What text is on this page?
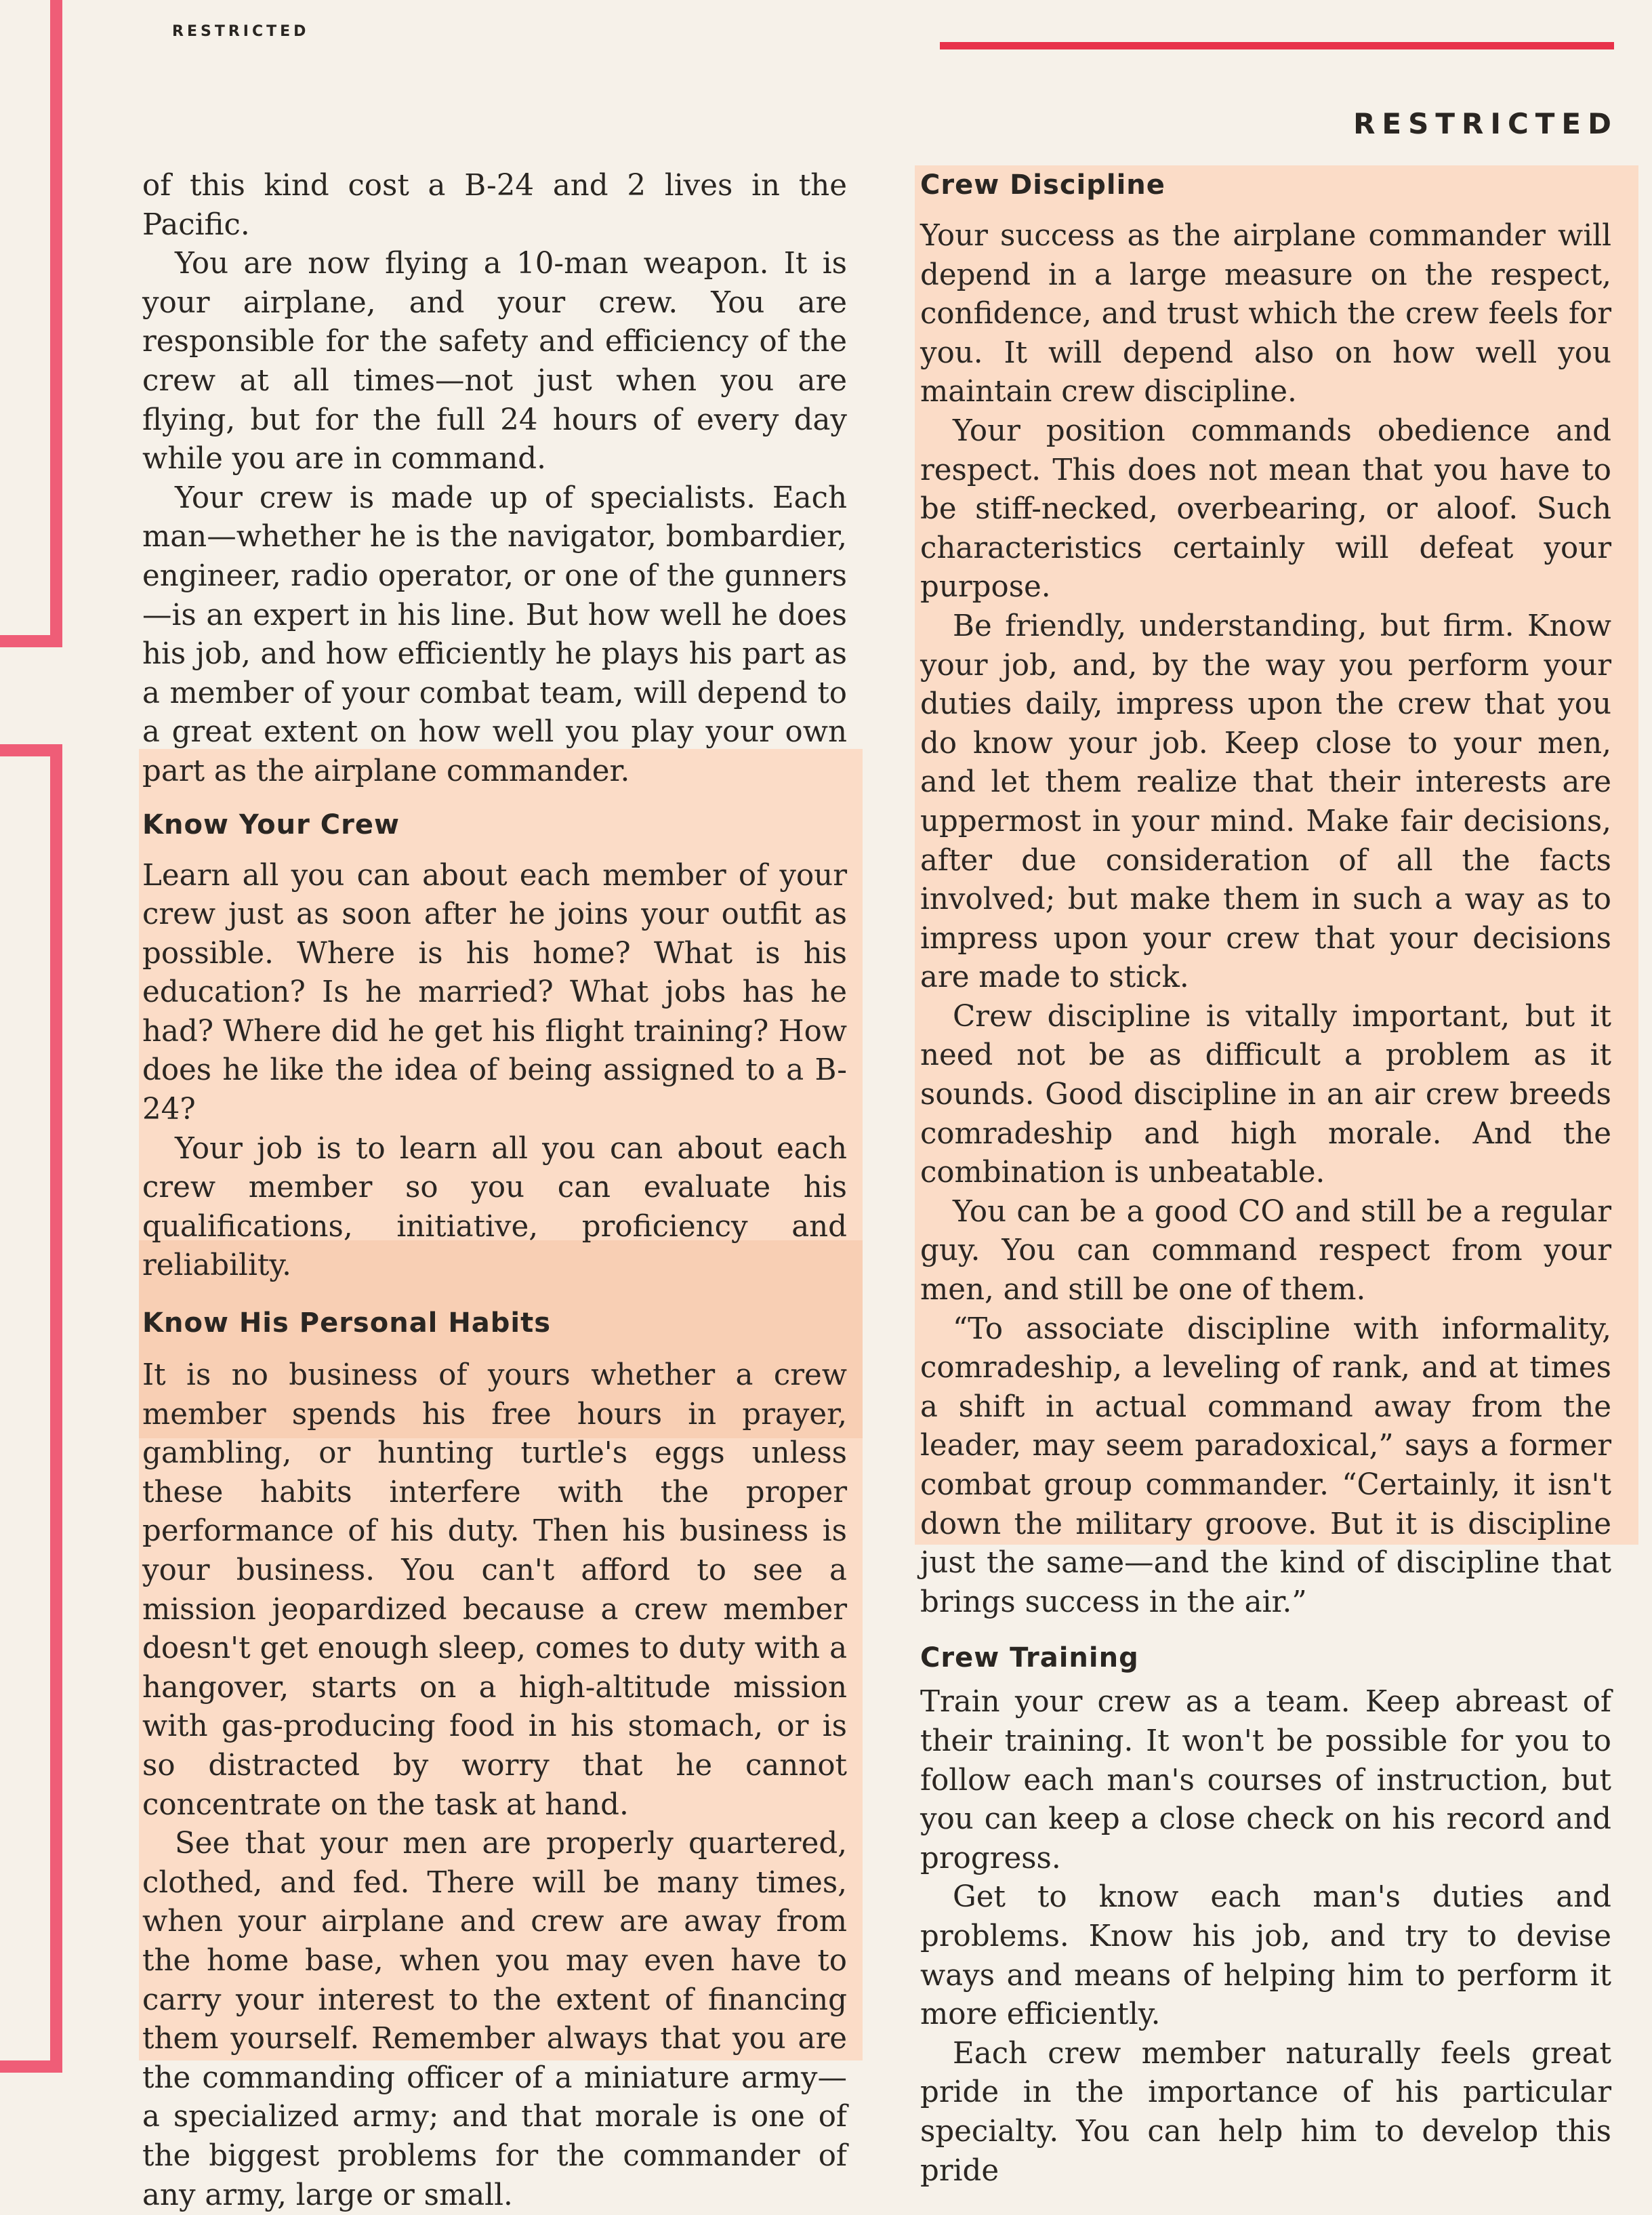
RESTRICTED
RESTRICTED

of this kind cost a B-24 and 2 lives in the Pacific.

You are now flying a 10-man weapon. It is your airplane, and your crew. You are responsible for the safety and efficiency of the crew at all times—not just when you are flying, but for the full 24 hours of every day while you are in command.

Your crew is made up of specialists. Each man—whether he is the navigator, bombardier, engineer, radio operator, or one of the gunners—is an expert in his line. But how well he does his job, and how efficiently he plays his part as a member of your combat team, will depend to a great extent on how well you play your own part as the airplane commander.

Know Your Crew

Learn all you can about each member of your crew just as soon after he joins your outfit as possible. Where is his home? What is his education? Is he married? What jobs has he had? Where did he get his flight training? How does he like the idea of being assigned to a B-24?

Your job is to learn all you can about each crew member so you can evaluate his qualifications, initiative, proficiency and reliability.

Know His Personal Habits

It is no business of yours whether a crew member spends his free hours in prayer, gambling, or hunting turtle's eggs unless these habits interfere with the proper performance of his duty. Then his business is your business. You can't afford to see a mission jeopardized because a crew member doesn't get enough sleep, comes to duty with a hangover, starts on a high-altitude mission with gas-producing food in his stomach, or is so distracted by worry that he cannot concentrate on the task at hand.

See that your men are properly quartered, clothed, and fed. There will be many times, when your airplane and crew are away from the home base, when you may even have to carry your interest to the extent of financing them yourself. Remember always that you are the commanding officer of a miniature army—a specialized army; and that morale is one of the biggest problems for the commander of any army, large or small.

Crew Discipline

Your success as the airplane commander will depend in a large measure on the respect, confidence, and trust which the crew feels for you. It will depend also on how well you maintain crew discipline.

Your position commands obedience and respect. This does not mean that you have to be stiff-necked, overbearing, or aloof. Such characteristics certainly will defeat your purpose.

Be friendly, understanding, but firm. Know your job, and, by the way you perform your duties daily, impress upon the crew that you do know your job. Keep close to your men, and let them realize that their interests are uppermost in your mind. Make fair decisions, after due consideration of all the facts involved; but make them in such a way as to impress upon your crew that your decisions are made to stick.

Crew discipline is vitally important, but it need not be as difficult a problem as it sounds. Good discipline in an air crew breeds comradeship and high morale. And the combination is unbeatable.

You can be a good CO and still be a regular guy. You can command respect from your men, and still be one of them.

“To associate discipline with informality, comradeship, a leveling of rank, and at times a shift in actual command away from the leader, may seem paradoxical,” says a former combat group commander. “Certainly, it isn't down the military groove. But it is discipline just the same—and the kind of discipline that brings success in the air.”

Crew Training

Train your crew as a team. Keep abreast of their training. It won't be possible for you to follow each man's courses of instruction, but you can keep a close check on his record and progress.

Get to know each man's duties and problems. Know his job, and try to devise ways and means of helping him to perform it more efficiently.

Each crew member naturally feels great pride in the importance of his particular specialty. You can help him to develop this pride
